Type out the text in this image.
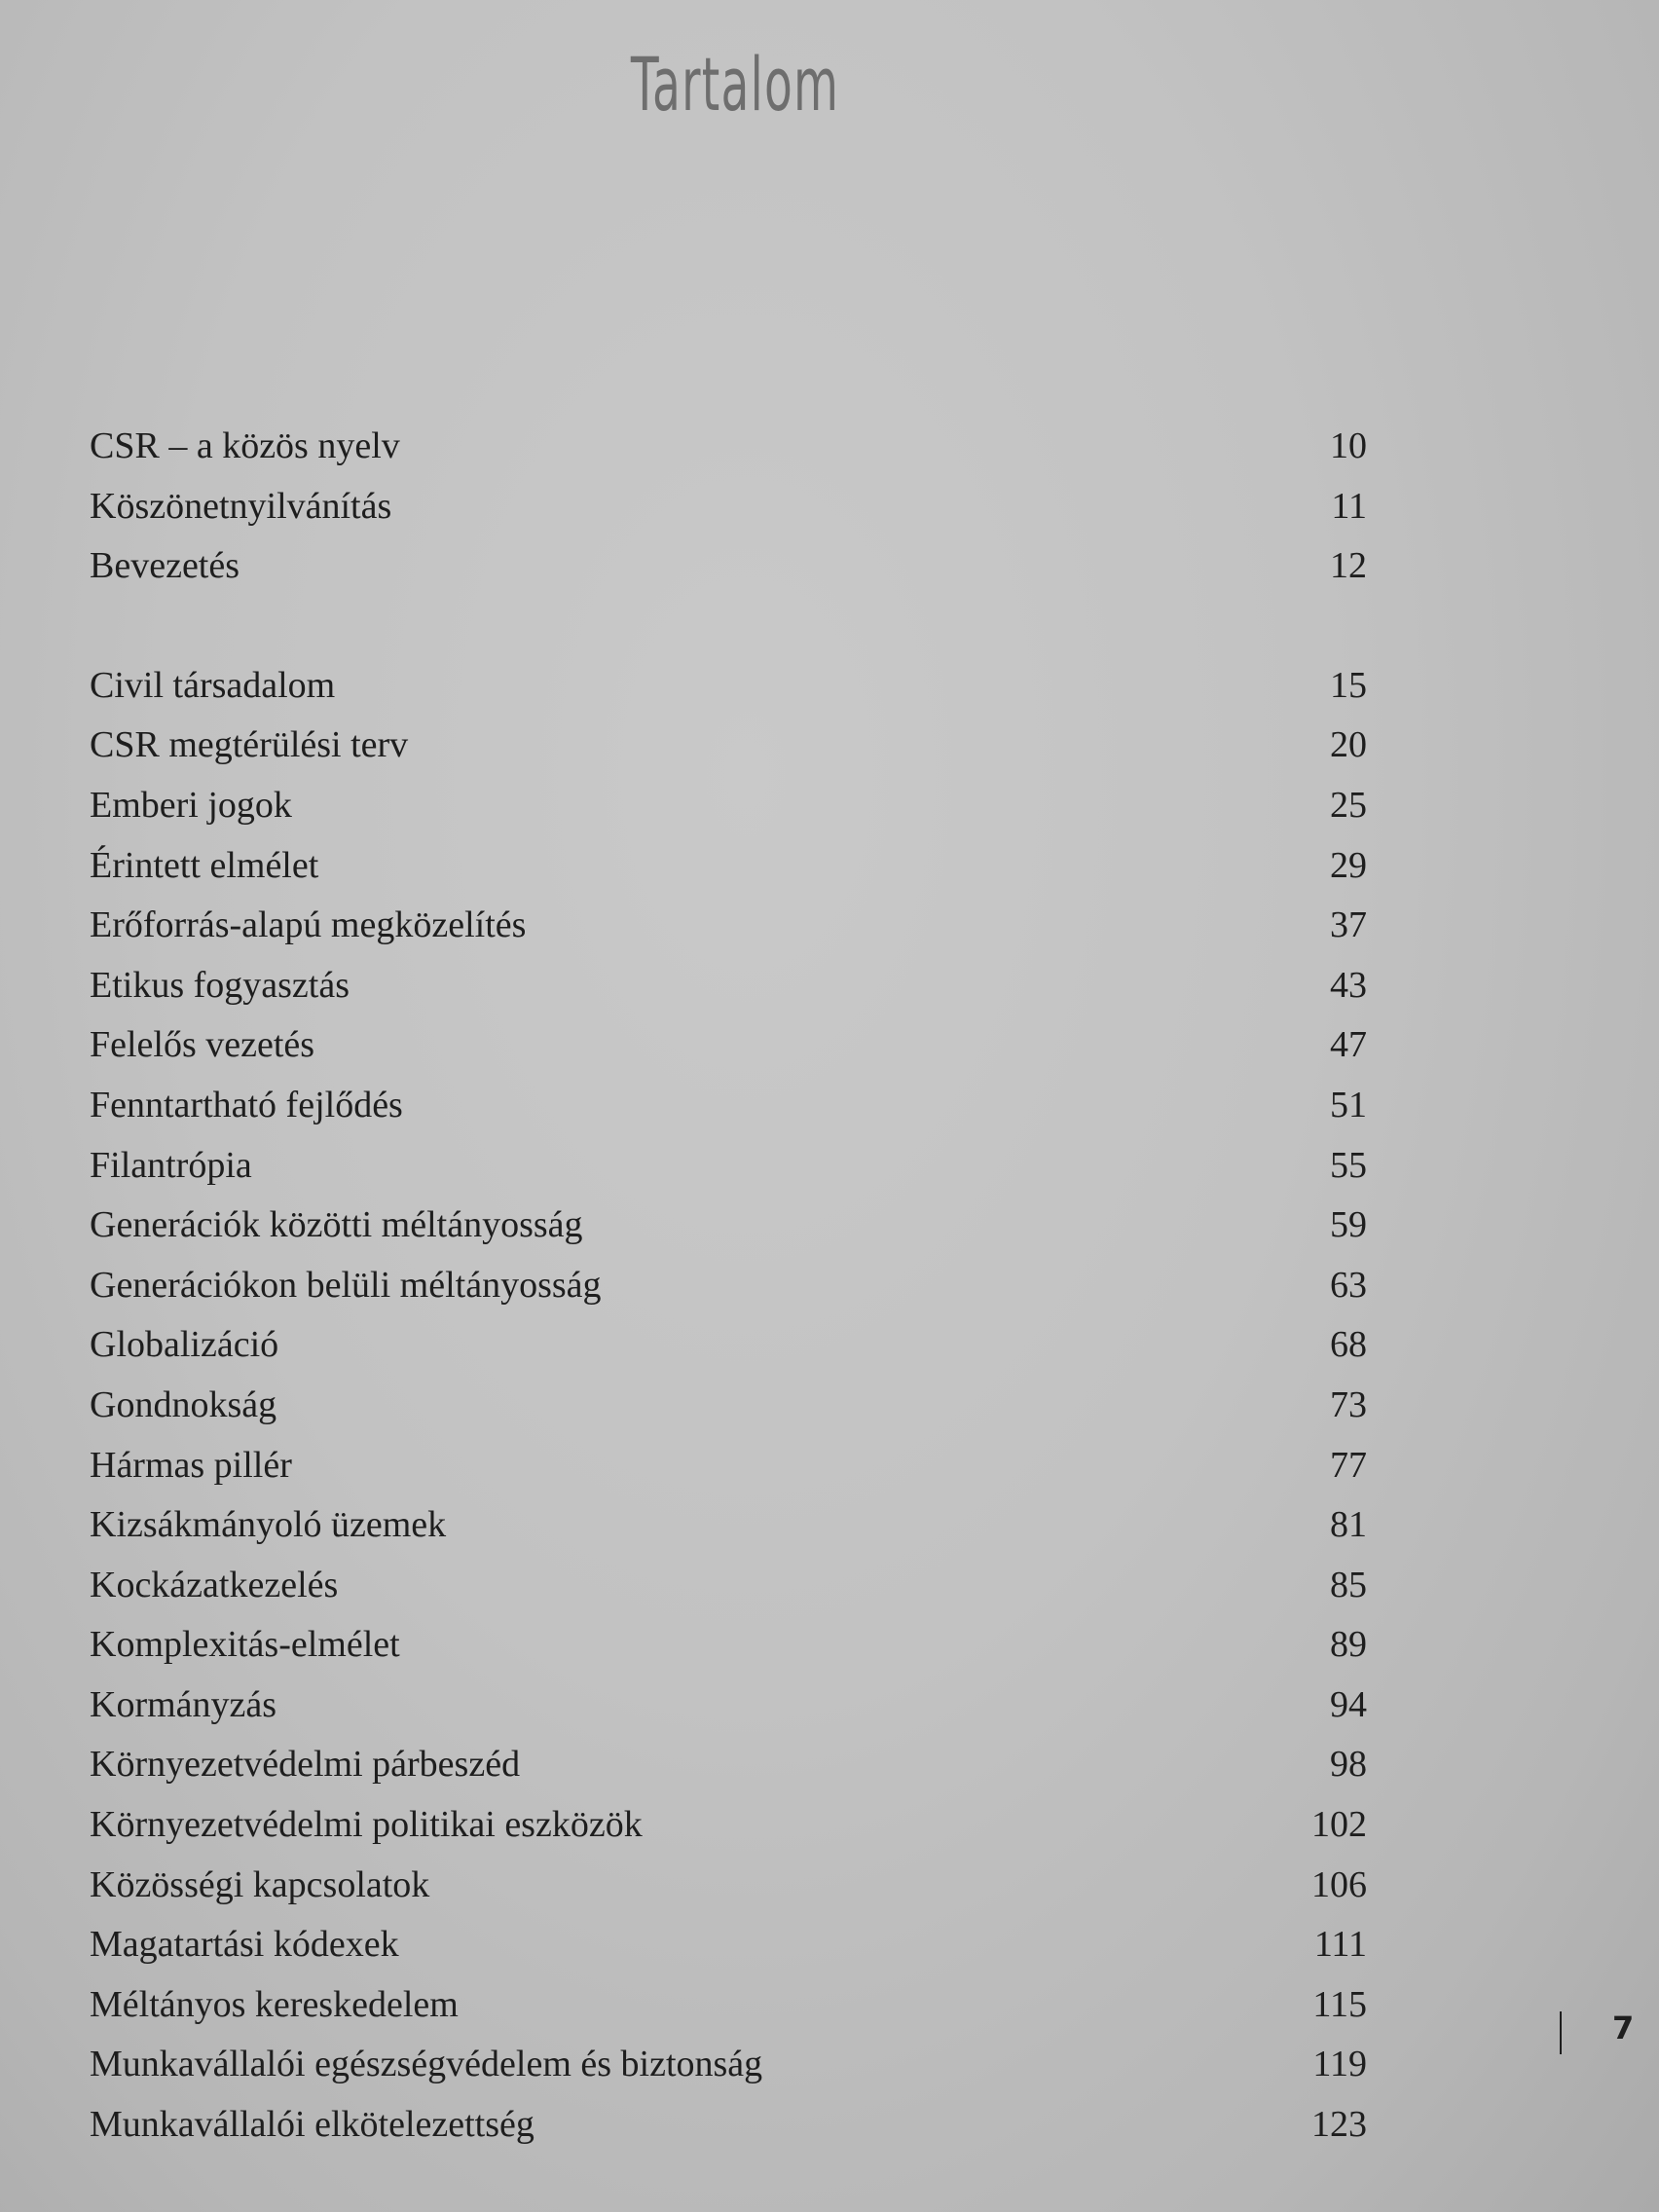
Tartalom
CSR – a közös nyelv	10
Köszönetnyilvánítás	11
Bevezetés	12
Civil társadalom	15
CSR megtérülési terv	20
Emberi jogok	25
Érintett elmélet	29
Erőforrás-alapú megközelítés	37
Etikus fogyasztás	43
Felelős vezetés	47
Fenntartható fejlődés	51
Filantrópia	55
Generációk közötti méltányosság	59
Generációkon belüli méltányosság	63
Globalizáció	68
Gondnokság	73
Hármas pillér	77
Kizsákmányoló üzemek	81
Kockázatkezelés	85
Komplexitás-elmélet	89
Kormányzás	94
Környezetvédelmi párbeszéd	98
Környezetvédelmi politikai eszközök	102
Közösségi kapcsolatok	106
Magatartási kódexek	111
Méltányos kereskedelem	115
Munkavállalói egészségvédelem és biztonság	119
Munkavállalói elkötelezettség	123
7
